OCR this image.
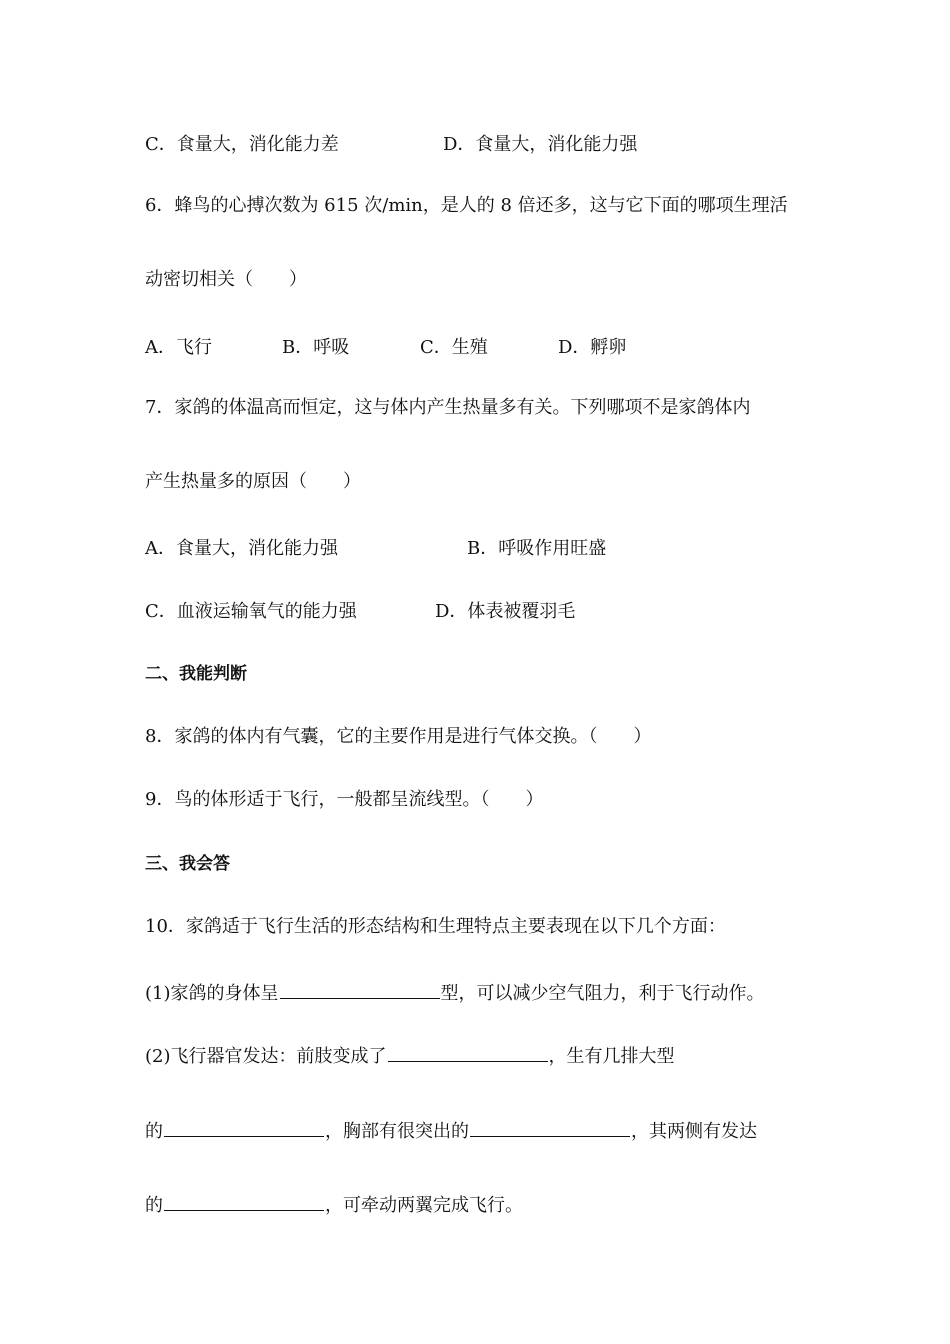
C．食量大，消化能力差	D．食量大，消化能力强
6．蜂鸟的心搏次数为 615 次/min，是人的 8 倍还多，这与它下面的哪项生理活
动密切相关（　　）
A．飞行	B．呼吸	C．生殖	D．孵卵
7．家鸽的体温高而恒定，这与体内产生热量多有关。下列哪项不是家鸽体内
产生热量多的原因（　　）
A．食量大，消化能力强	B．呼吸作用旺盛
C．血液运输氧气的能力强	D．体表被覆羽毛
二、我能判断
8．家鸽的体内有气囊，它的主要作用是进行气体交换。（　　）
9．鸟的体形适于飞行，一般都呈流线型。（　　）
三、我会答
10．家鸽适于飞行生活的形态结构和生理特点主要表现在以下几个方面：
(1)家鸽的身体呈	型，可以减少空气阻力，利于飞行动作。
(2)飞行器官发达：前肢变成了	，生有几排大型
的	，胸部有很突出的	，其两侧有发达
的	，可牵动两翼完成飞行。
